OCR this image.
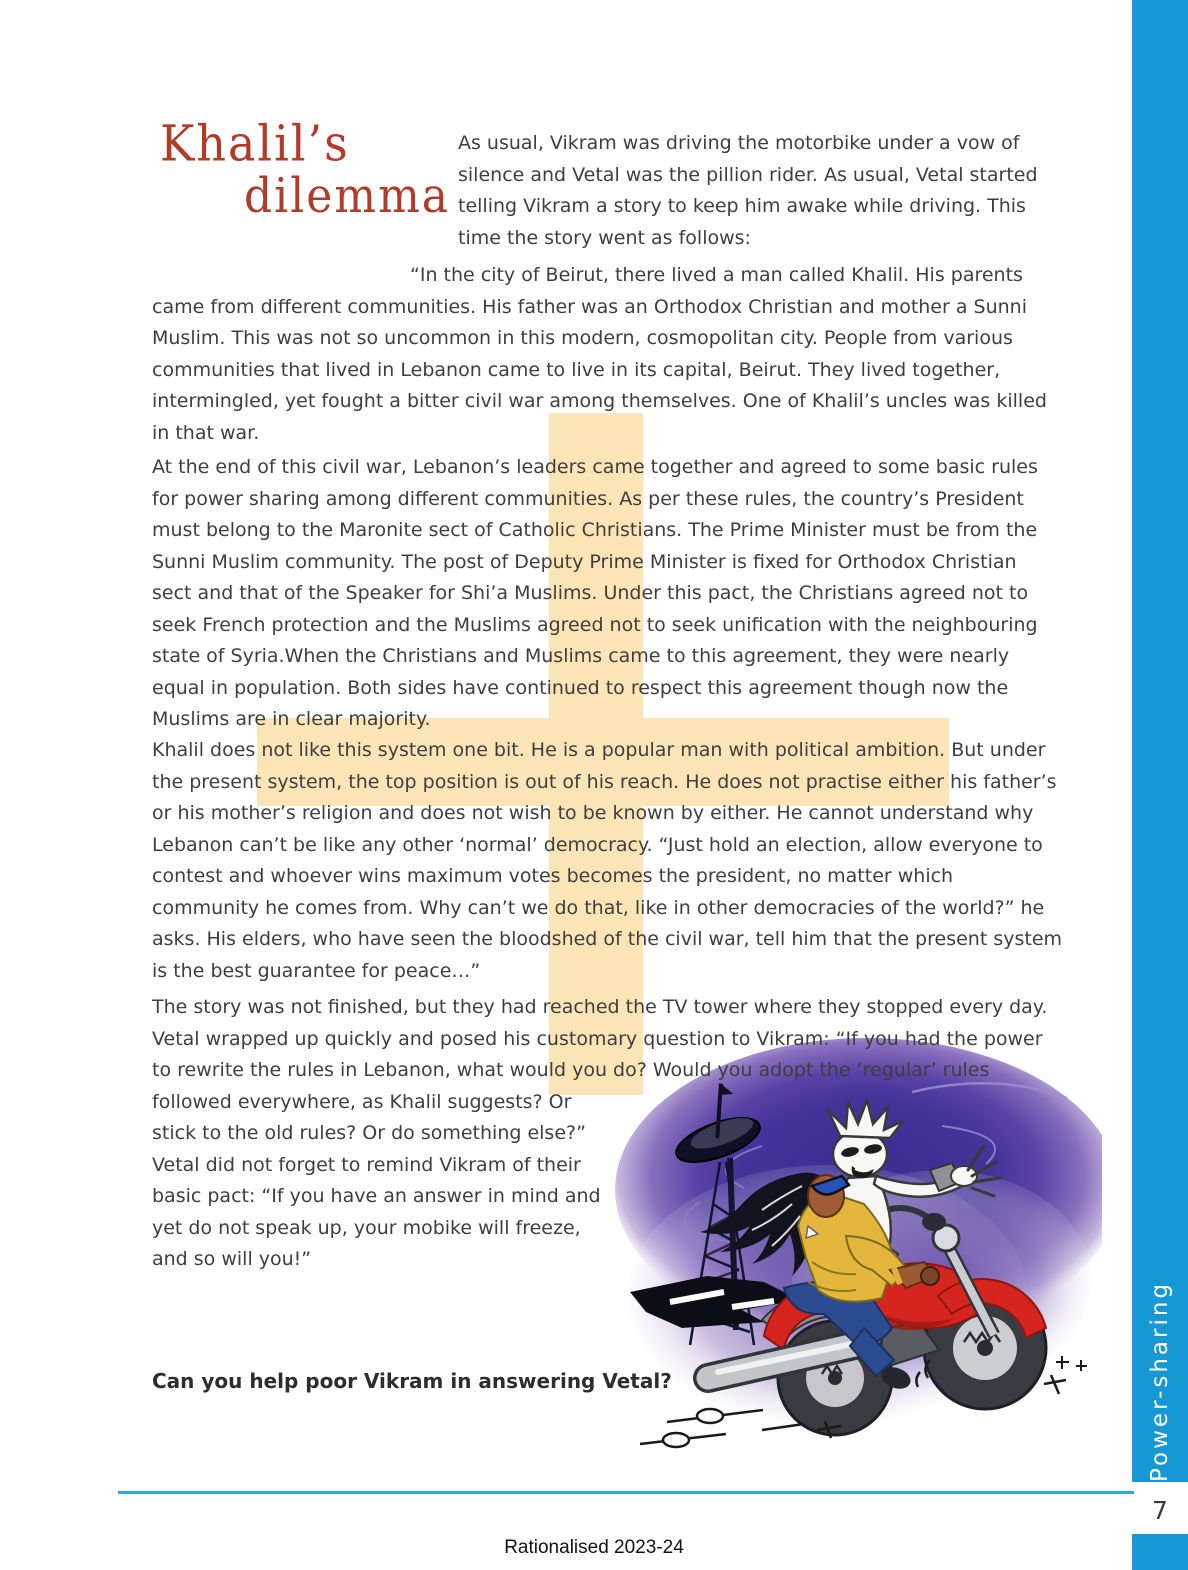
Khalil’s
dilemma
As usual, Vikram was driving the motorbike under a vow of silence and Vetal was the pillion rider. As usual, Vetal started telling Vikram a story to keep him awake while driving. This time the story went as follows:
“In the city of Beirut, there lived a man called Khalil. His parents came from different communities. His father was an Orthodox Christian and mother a Sunni Muslim. This was not so uncommon in this modern, cosmopolitan city. People from various communities that lived in Lebanon came to live in its capital, Beirut. They lived together, intermingled, yet fought a bitter civil war among themselves. One of Khalil’s uncles was killed in that war.
At the end of this civil war, Lebanon’s leaders came together and agreed to some basic rules for power sharing among different communities. As per these rules, the country’s President must belong to the Maronite sect of Catholic Christians. The Prime Minister must be from the Sunni Muslim community. The post of Deputy Prime Minister is fixed for Orthodox Christian sect and that of the Speaker for Shi’a Muslims. Under this pact, the Christians agreed not to seek French protection and the Muslims agreed not to seek unification with the neighbouring state of Syria.When the Christians and Muslims came to this agreement, they were nearly equal in population. Both sides have continued to respect this agreement though now the Muslims are in clear majority.
Khalil does not like this system one bit. He is a popular man with political ambition. But under the present system, the top position is out of his reach. He does not practise either his father’s or his mother’s religion and does not wish to be known by either. He cannot understand why Lebanon can’t be like any other ‘normal’ democracy. “Just hold an election, allow everyone to contest and whoever wins maximum votes becomes the president, no matter which community he comes from. Why can’t we do that, like in other democracies of the world?” he asks. His elders, who have seen the bloodshed of the civil war, tell him that the present system is the best guarantee for peace…”
The story was not finished, but they had reached the TV tower where they stopped every day. Vetal wrapped up quickly and posed his customary question to Vikram: “If you had the power to rewrite the rules in Lebanon, what would you do? Would you adopt the ‘regular’ rules followed everywhere, as Khalil suggests? Or stick to the old rules? Or do something else?” Vetal did not forget to remind Vikram of their basic pact: “If you have an answer in mind and yet do not speak up, your mobike will freeze, and so will you!”
Can you help poor Vikram in answering Vetal?
Rationalised 2023-24
Power-sharing
7
